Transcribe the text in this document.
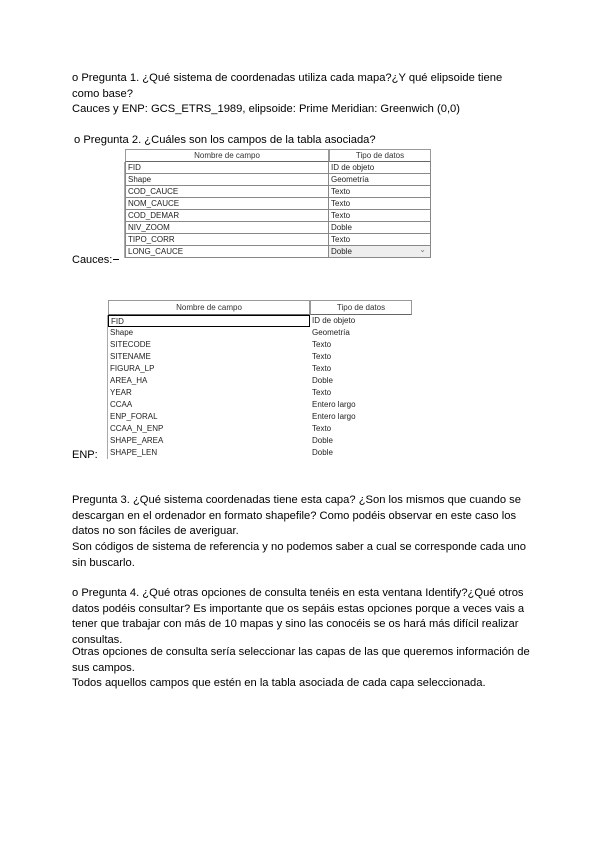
o Pregunta 1. ¿Qué sistema de coordenadas utiliza cada mapa?¿Y qué elipsoide tiene como base?

Cauces y ENP: GCS_ETRS_1989, elipsoide: Prime Meridian: Greenwich (0,0)

o Pregunta 2. ¿Cuáles son los campos de la tabla asociada?

Nombre de campo	Tipo de datos
FID	ID de objeto
Shape	Geometría
COD_CAUCE	Texto
NOM_CAUCE	Texto
COD_DEMAR	Texto
NIV_ZOOM	Doble
TIPO_CORR	Texto
LONG_CAUCE	Doble	⌄
Cauces:
Nombre de campo	Tipo de datos
FID	ID de objeto
Shape	Geometría
SITECODE	Texto
SITENAME	Texto
FIGURA_LP	Texto
AREA_HA	Doble
YEAR	Texto
CCAA	Entero largo
ENP_FORAL	Entero largo
CCAA_N_ENP	Texto
SHAPE_AREA	Doble
SHAPE_LEN	Doble
ENP:

Pregunta 3. ¿Qué sistema coordenadas tiene esta capa? ¿Son los mismos que cuando se descargan en el ordenador en formato shapefile? Como podéis observar en este caso los datos no son fáciles de averiguar.

Son códigos de sistema de referencia y no podemos saber a cual se corresponde cada uno sin buscarlo.

o Pregunta 4. ¿Qué otras opciones de consulta tenéis en esta ventana Identify?¿Qué otros datos podéis consultar? Es importante que os sepáis estas opciones porque a veces vais a tener que trabajar con más de 10 mapas y sino las conocéis se os hará más difícil realizar consultas.

Otras opciones de consulta sería seleccionar las capas de las que queremos información de sus campos.

Todos aquellos campos que estén en la tabla asociada de cada capa seleccionada.
